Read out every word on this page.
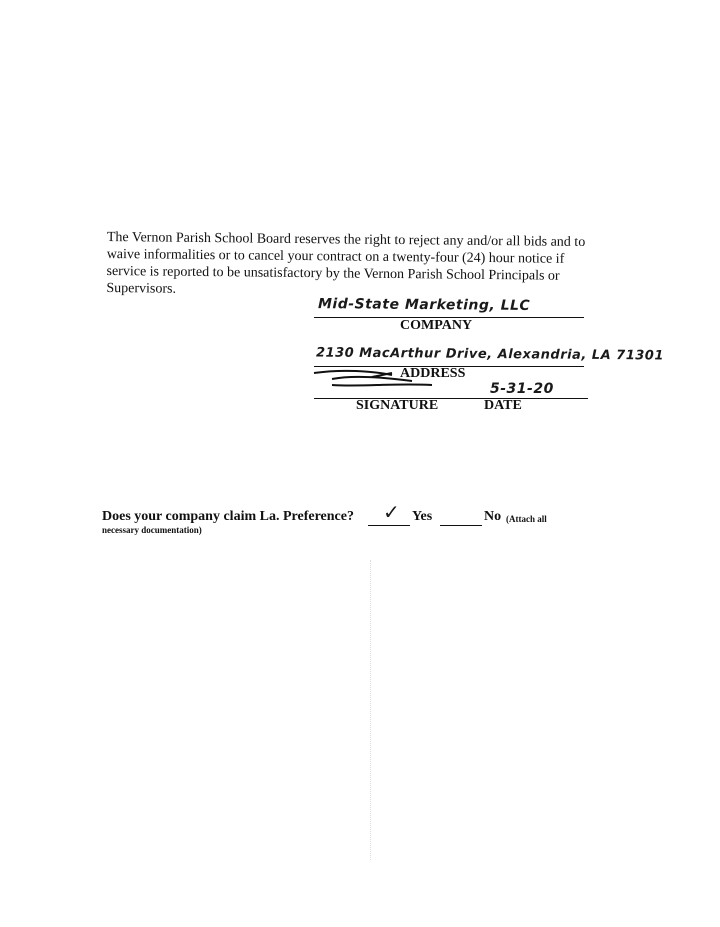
The Vernon Parish School Board reserves the right to reject any and/or all bids and to
waive informalities or to cancel your contract on a twenty-four (24) hour notice if
service is reported to be unsatisfactory by the Vernon Parish School Principals or
Supervisors.
Mid-State Marketing, LLC
COMPANY
2130 MacArthur Drive, Alexandria, LA 71301
ADDRESS
5-31-20
SIGNATURE	DATE
Does your company claim La. Preference? ✓ Yes	No (Attach all
necessary documentation)
